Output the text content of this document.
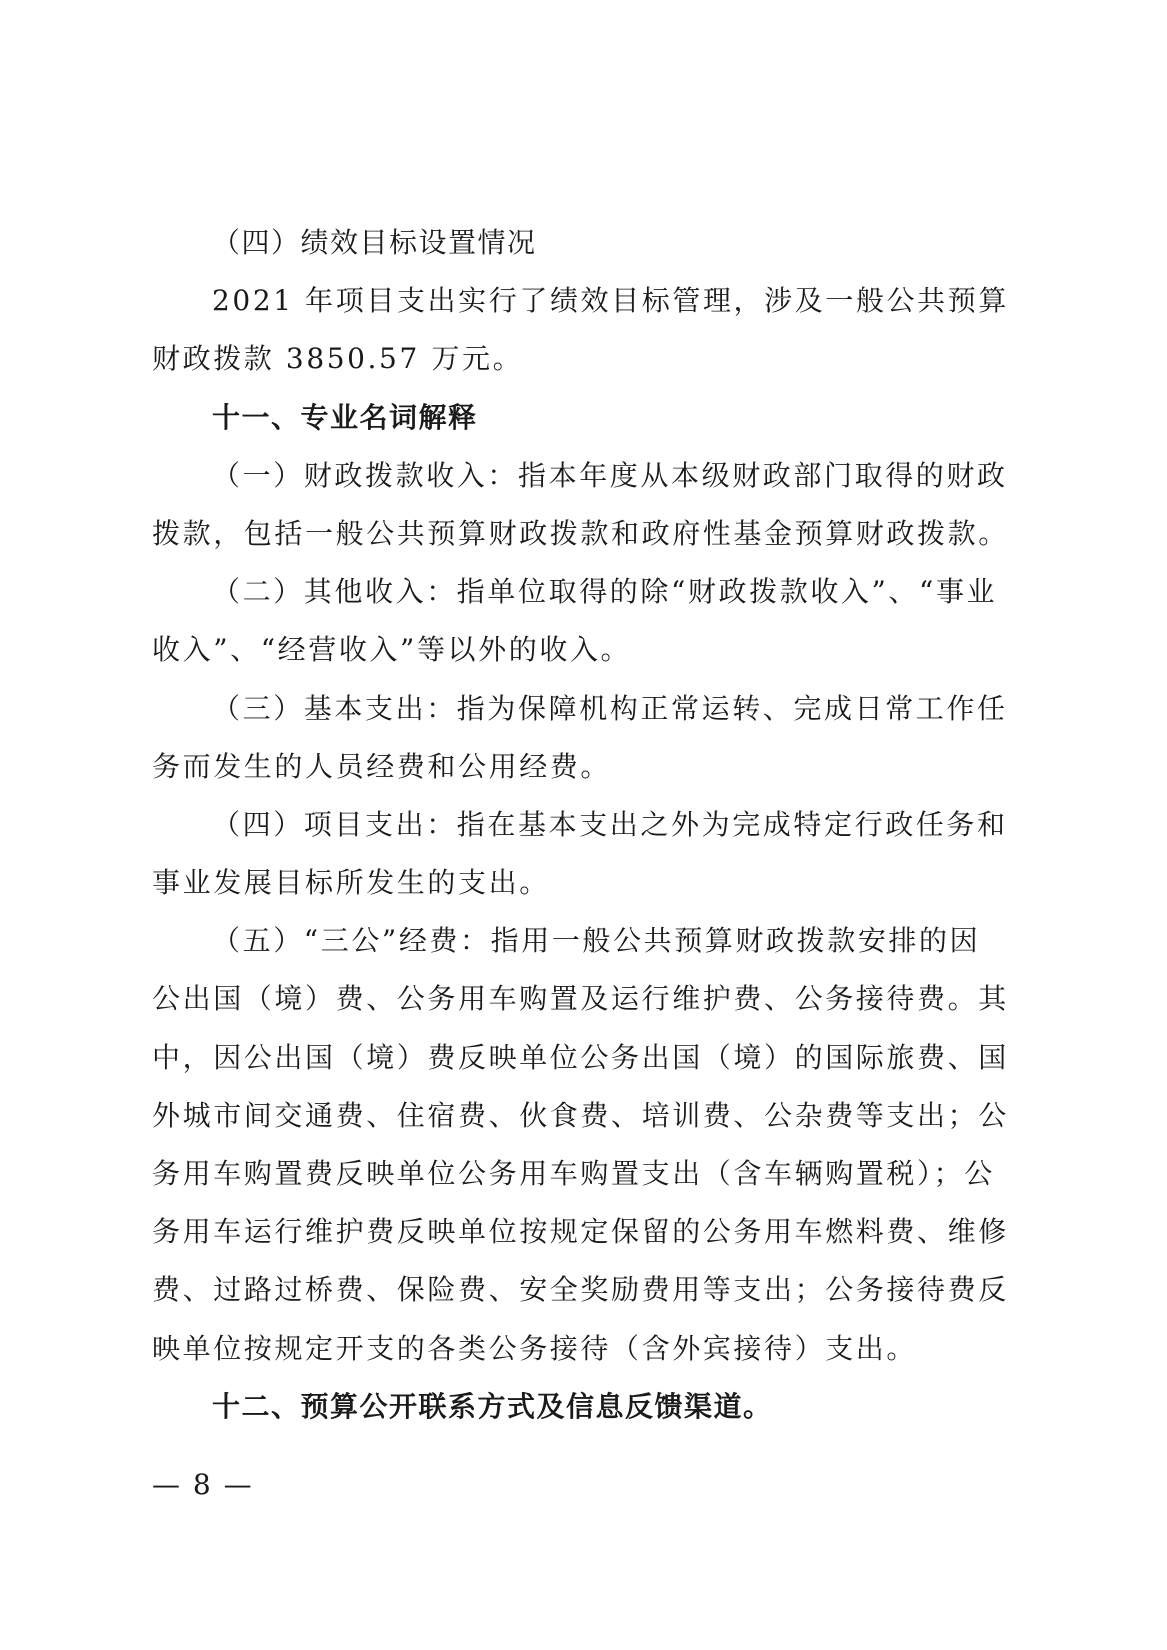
（四）绩效目标设置情况
2021 年项目支出实行了绩效目标管理，涉及一般公共预算
财政拨款 3850.57 万元。
十一、专业名词解释
（一）财政拨款收入：指本年度从本级财政部门取得的财政
拨款，包括一般公共预算财政拨款和政府性基金预算财政拨款。
（二）其他收入：指单位取得的除“财政拨款收入”、“事业
收入”、“经营收入”等以外的收入。
（三）基本支出：指为保障机构正常运转、完成日常工作任
务而发生的人员经费和公用经费。
（四）项目支出：指在基本支出之外为完成特定行政任务和
事业发展目标所发生的支出。
（五）“三公”经费：指用一般公共预算财政拨款安排的因
公出国（境）费、公务用车购置及运行维护费、公务接待费。其
中，因公出国（境）费反映单位公务出国（境）的国际旅费、国
外城市间交通费、住宿费、伙食费、培训费、公杂费等支出；公
务用车购置费反映单位公务用车购置支出（含车辆购置税）；公
务用车运行维护费反映单位按规定保留的公务用车燃料费、维修
费、过路过桥费、保险费、安全奖励费用等支出；公务接待费反
映单位按规定开支的各类公务接待（含外宾接待）支出。
十二、预算公开联系方式及信息反馈渠道。
— 8 —
